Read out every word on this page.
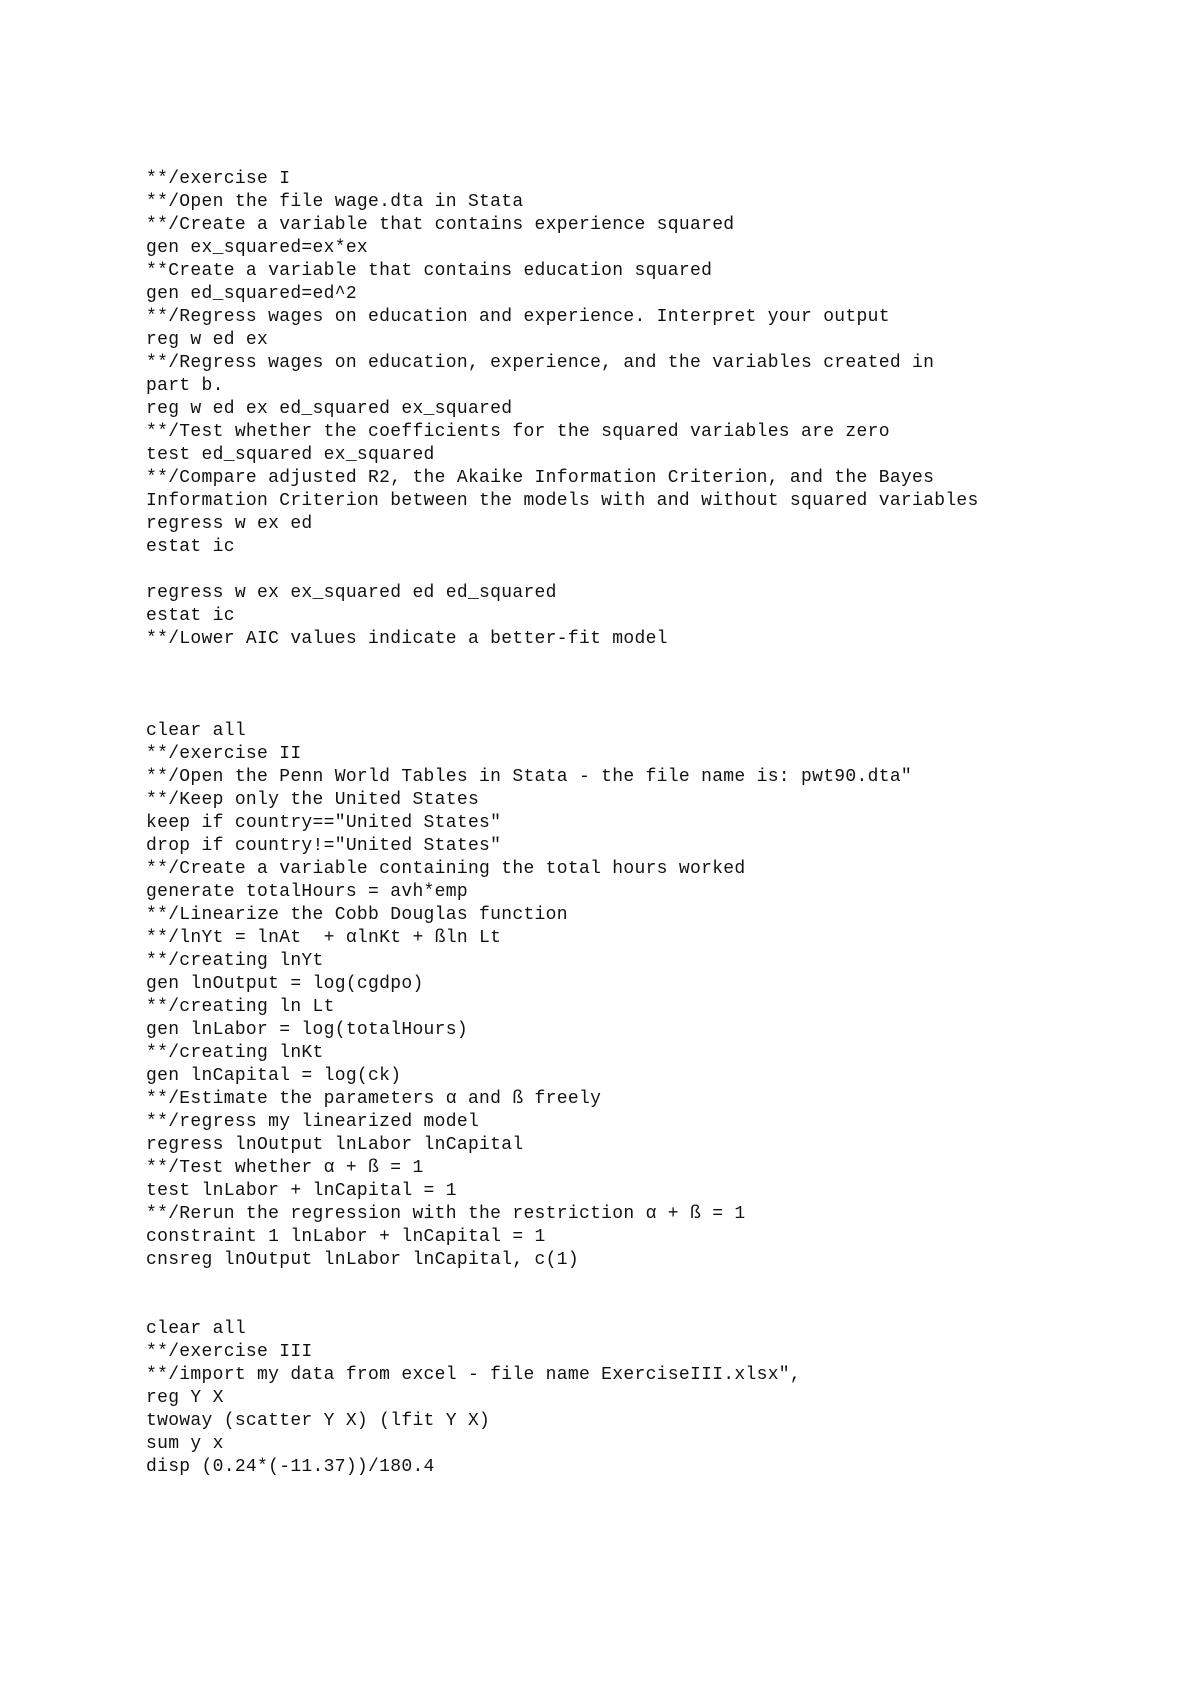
**/exercise I
**/Open the file wage.dta in Stata
**/Create a variable that contains experience squared
gen ex_squared=ex*ex
**Create a variable that contains education squared
gen ed_squared=ed^2
**/Regress wages on education and experience. Interpret your output
reg w ed ex
**/Regress wages on education, experience, and the variables created in
part b.
reg w ed ex ed_squared ex_squared
**/Test whether the coefficients for the squared variables are zero
test ed_squared ex_squared
**/Compare adjusted R2, the Akaike Information Criterion, and the Bayes
Information Criterion between the models with and without squared variables
regress w ex ed
estat ic
regress w ex ex_squared ed ed_squared
estat ic
**/Lower AIC values indicate a better-fit model
clear all
**/exercise II
**/Open the Penn World Tables in Stata - the file name is: pwt90.dta"
**/Keep only the United States
keep if country=="United States"
drop if country!="United States"
**/Create a variable containing the total hours worked
generate totalHours = avh*emp
**/Linearize the Cobb Douglas function
**/lnYt = lnAt  + αlnKt + ßln Lt
**/creating lnYt
gen lnOutput = log(cgdpo)
**/creating ln Lt
gen lnLabor = log(totalHours)
**/creating lnKt
gen lnCapital = log(ck)
**/Estimate the parameters α and ß freely
**/regress my linearized model
regress lnOutput lnLabor lnCapital
**/Test whether α + ß = 1
test lnLabor + lnCapital = 1
**/Rerun the regression with the restriction α + ß = 1
constraint 1 lnLabor + lnCapital = 1
cnsreg lnOutput lnLabor lnCapital, c(1)
clear all
**/exercise III
**/import my data from excel - file name ExerciseIII.xlsx",
reg Y X
twoway (scatter Y X) (lfit Y X)
sum y x
disp (0.24*(-11.37))/180.4
